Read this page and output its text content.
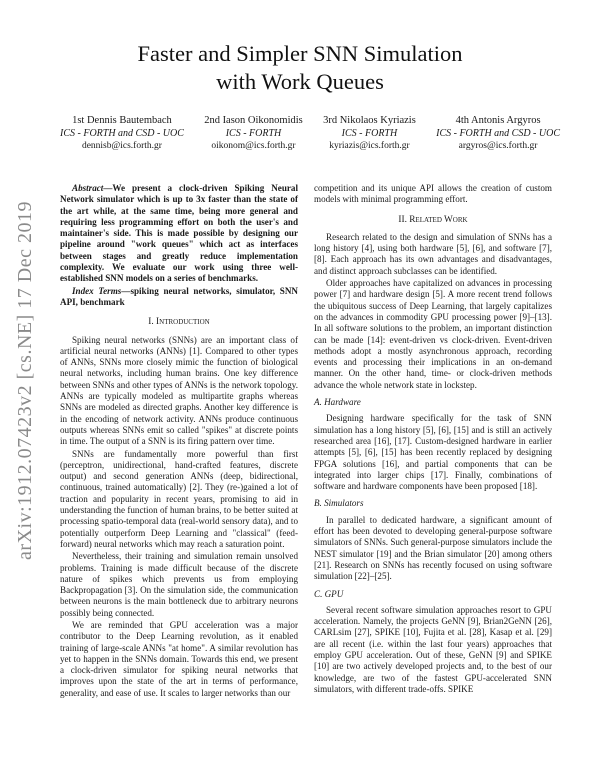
arXiv:1912.07423v2 [cs.NE] 17 Dec 2019
Faster and Simpler SNN Simulation
with Work Queues
1st Dennis Bautembach
ICS - FORTH and CSD - UOC
dennisb@ics.forth.gr
2nd Iason Oikonomidis
ICS - FORTH
oikonom@ics.forth.gr
3rd Nikolaos Kyriazis
ICS - FORTH
kyriazis@ics.forth.gr
4th Antonis Argyros
ICS - FORTH and CSD - UOC
argyros@ics.forth.gr

Abstract—We present a clock-driven Spiking Neural Network simulator which is up to 3x faster than the state of the art while, at the same time, being more general and requiring less programming effort on both the user's and maintainer's side. This is made possible by designing our pipeline around "work queues" which act as interfaces between stages and greatly reduce implementation complexity. We evaluate our work using three well-established SNN models on a series of benchmarks.

Index Terms—spiking neural networks, simulator, SNN API, benchmark

I. Introduction

Spiking neural networks (SNNs) are an important class of artificial neural networks (ANNs) [1]. Compared to other types of ANNs, SNNs more closely mimic the function of biological neural networks, including human brains. One key difference between SNNs and other types of ANNs is the network topology. ANNs are typically modeled as multipartite graphs whereas SNNs are modeled as directed graphs. Another key difference is in the encoding of network activity. ANNs produce continuous outputs whereas SNNs emit so called "spikes" at discrete points in time. The output of a SNN is its firing pattern over time.

SNNs are fundamentally more powerful than first (perceptron, unidirectional, hand-crafted features, discrete output) and second generation ANNs (deep, bidirectional, continuous, trained automatically) [2]. They (re-)gained a lot of traction and popularity in recent years, promising to aid in understanding the function of human brains, to be better suited at processing spatio-temporal data (real-world sensory data), and to potentially outperform Deep Learning and "classical" (feed-forward) neural networks which may reach a saturation point.

Nevertheless, their training and simulation remain unsolved problems. Training is made difficult because of the discrete nature of spikes which prevents us from employing Backpropagation [3]. On the simulation side, the communication between neurons is the main bottleneck due to arbitrary neurons possibly being connected.

We are reminded that GPU acceleration was a major contributor to the Deep Learning revolution, as it enabled training of large-scale ANNs "at home". A similar revolution has yet to happen in the SNNs domain. Towards this end, we present a clock-driven simulator for spiking neural networks that improves upon the state of the art in terms of performance, generality, and ease of use. It scales to larger networks than our

competition and its unique API allows the creation of custom models with minimal programming effort.

II. Related Work

Research related to the design and simulation of SNNs has a long history [4], using both hardware [5], [6], and software [7], [8]. Each approach has its own advantages and disadvantages, and distinct approach subclasses can be identified.

Older approaches have capitalized on advances in processing power [7] and hardware design [5]. A more recent trend follows the ubiquitous success of Deep Learning, that largely capitalizes on the advances in commodity GPU processing power [9]–[13]. In all software solutions to the problem, an important distinction can be made [14]: event-driven vs clock-driven. Event-driven methods adopt a mostly asynchronous approach, recording events and processing their implications in an on-demand manner. On the other hand, time- or clock-driven methods advance the whole network state in lockstep.

A. Hardware

Designing hardware specifically for the task of SNN simulation has a long history [5], [6], [15] and is still an actively researched area [16], [17]. Custom-designed hardware in earlier attempts [5], [6], [15] has been recently replaced by designing FPGA solutions [16], and partial components that can be integrated into larger chips [17]. Finally, combinations of software and hardware components have been proposed [18].

B. Simulators

In parallel to dedicated hardware, a significant amount of effort has been devoted to developing general-purpose software simulators of SNNs. Such general-purpose simulators include the NEST simulator [19] and the Brian simulator [20] among others [21]. Research on SNNs has recently focused on using software simulation [22]–[25].

C. GPU

Several recent software simulation approaches resort to GPU acceleration. Namely, the projects GeNN [9], Brian2GeNN [26], CARLsim [27], SPIKE [10], Fujita et al. [28], Kasap et al. [29] are all recent (i.e. within the last four years) approaches that employ GPU acceleration. Out of these, GeNN [9] and SPIKE [10] are two actively developed projects and, to the best of our knowledge, are two of the fastest GPU-accelerated SNN simulators, with different trade-offs. SPIKE
